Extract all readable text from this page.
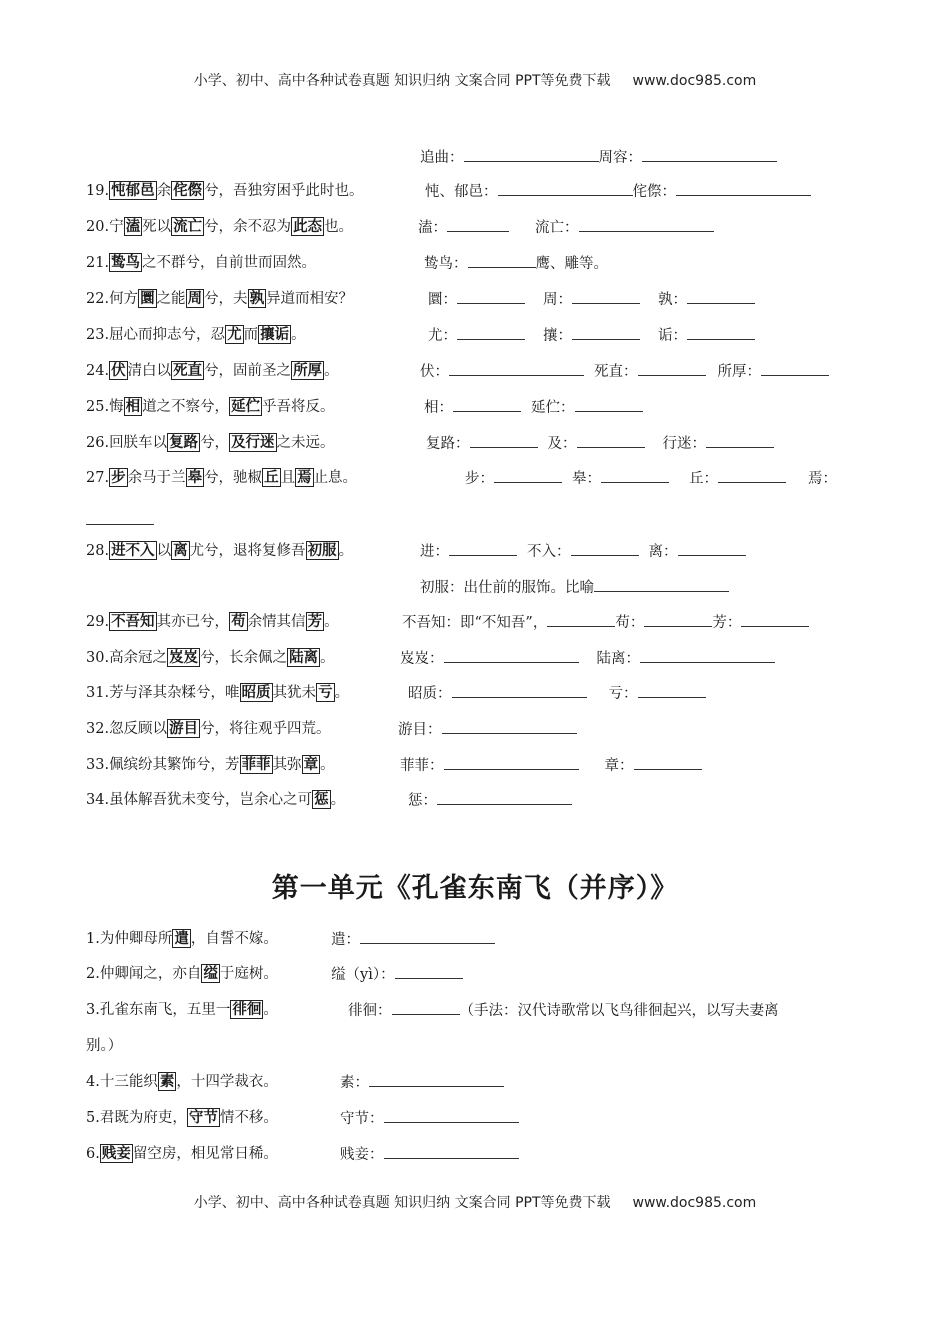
小学、初中、高中各种试卷真题 知识归纳 文案合同 PPT等免费下载 www.doc985.com
追曲：	周容：
19. 忳郁邑 余 侘傺 兮，吾独穷困乎此时也。	忳、郁邑：	侘傺：
20.宁 溘 死以 流亡 兮，余不忍为 此态 也。	溘：	流亡：
21. 鸷鸟 之不群兮，自前世而固然。	鸷鸟：	鹰、雕等。
22.何方 圜 之能 周 兮，夫 孰 异道而相安？	圜：	周：	孰：
23.屈心而抑志兮，忍 尤 而 攘诟 。	尤：	攘：	诟：
24. 伏 清白以 死直 兮，固前圣之 所厚 。	伏：	死直：	所厚：
25.悔 相 道之不察兮， 延伫 乎吾将反。	相：	延伫：
26.回朕车以 复路 兮， 及行迷 之未远。	复路：	及：	行迷：
27. 步 余马于兰 皋 兮，驰椒 丘 且 焉 止息。	步：	皋：	丘：	焉：
28. 进不入 以 离 尤兮，退将复修吾 初服 。	进：	不入：	离：
初服：出仕前的服饰。比喻
29. 不吾知 其亦已兮， 苟 余情其信 芳 。	不吾知：即“不知吾”，	苟：	芳：
30.高余冠之 岌岌 兮，长余佩之 陆离 。	岌岌：	陆离：
31.芳与泽其杂糅兮，唯 昭质 其犹未 亏 。	昭质：	亏：
32.忽反顾以 游目 兮，将往观乎四荒。	游目：
33.佩缤纷其繁饰兮，芳 菲菲 其弥 章 。	菲菲：	章：
34.虽体解吾犹未变兮，岂余心之可 惩 。	惩：
第一单元《孔雀东南飞（并序）》
1.为仲卿母所 遣 ，自誓不嫁。	遣：
2.仲卿闻之，亦自 缢 于庭树。	缢（yì）：
3.孔雀东南飞，五里一 徘徊 。	徘徊：	（手法：汉代诗歌常以飞鸟徘徊起兴，以写夫妻离
别。）
4.十三能织 素 ，十四学裁衣。	素：
5.君既为府吏， 守节 情不移。	守节：
6. 贱妾 留空房，相见常日稀。	贱妾：
小学、初中、高中各种试卷真题 知识归纳 文案合同 PPT等免费下载 www.doc985.com
